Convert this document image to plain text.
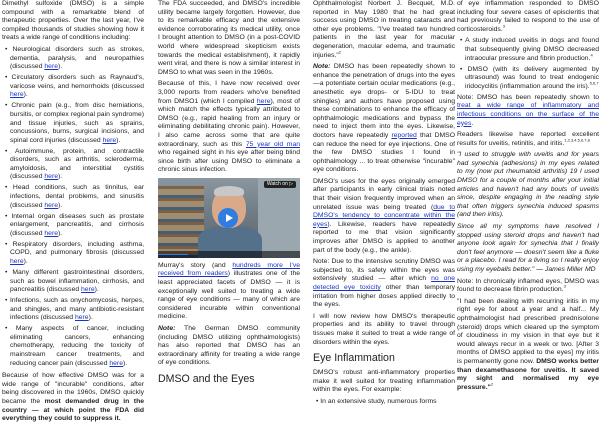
Dimethyl sulfoxide (DMSO) is a simple compound with a remarkable blend of therapeutic properties. Over the last year, I've compiled thousands of studies showing how it treats a wide range of conditions including:

• Neurological disorders such as strokes, dementia, paralysis, and neuropathies (discussed here).
• Circulatory disorders such as Raynaud's, varicose veins, and hemorrhoids (discussed here).
• Chronic pain (e.g., from disc herniations, bursitis, or complex regional pain syndrome) and tissue injuries, such as sprains, concussions, burns, surgical incisions, and spinal cord injuries (discussed here).
• Autoimmune, protein, and contractile disorders, such as arthritis, scleroderma, amyloidosis, and interstitial cystitis (discussed here).
• Head conditions, such as tinnitus, ear infections, dental problems, and sinusitis (discussed here).
• Internal organ diseases such as prostate enlargement, pancreatitis, and cirrhosis (discussed here).
• Respiratory disorders, including asthma, COPD, and pulmonary fibrosis (discussed here).
• Many different gastrointestinal disorders, such as bowel inflammation, cirrhosis, and pancreatitis (discussed here).
• Infections, such as onychomycosis, herpes, and shingles, and many antibiotic-resistant infections (discussed here).
• Many aspects of cancer, including eliminating cancers, enhancing chemotherapy, reducing the toxicity of mainstream cancer treatments, and reducing cancer pain (discussed here).

Because of how effective DMSO was for a wide range of "incurable" conditions, after being discovered in the 1960s, DMSO quickly became the most demanded drug in the country — at which point the FDA did everything they could to suppress it.

The FDA succeeded, and DMSO's incredible utility became largely forgotten. However, due to its remarkable efficacy and the extensive evidence corroborating its medical utility, once I brought attention to DMSO (in a post-COVID world where widespread skepticism exists towards the medical establishment), it rapidly went viral, and there is now a similar interest in DMSO to what was seen in the 1960s.

Because of this, I have now received over 3,000 reports from readers who've benefited from DMSO1 (which I compiled here), most of which match the effects typically attributed to DMSO (e.g., rapid healing from an injury or eliminating debilitating chronic pain). However, I also came across some that are quite extraordinary, such as this 75 year old man who regained sight in his eye after being blind since birth after using DMSO to eliminate a chronic sinus infection.

Watch on ▷

Murray's story (and hundreds more I've received from readers) illustrates one of the least appreciated facets of DMSO — it is exceptionally well suited to treating a wide range of eye conditions — many of which are considered incurable within conventional medicine.

Note: The German DMSO community (including DMSO utilizing ophthalmologists) has also reported that DMSO has an extraordinary affinity for treating a wide range of eye conditions.

DMSO and the Eyes

Ophthalmologist Norbert J. Becquet, M.D. reported in May 1980 that he had great success using DMSO in treating cataracts and other eye problems. "I've treated two hundred patients in the last year for macular degeneration, macular edema, and traumatic injuries."$^2$

Note: DMSO has been repeatedly shown to enhance the penetration of drugs into the eyes—a potentiate certain ocular medications (e.g., anesthetic eye drops- or 5-IDU to treat shingles) and authors have proposed using these combinations to enhance the efficacy of ophthalmologic medications and bypass the need to inject them into the eyes. Likewise, doctors have repeatedly reported that DMSO can reduce the need for eye injections. One of the few DMSO studies I found in ophthalmology ... to treat otherwise "incurable" eye conditions.

DMSO's uses for the eyes originally emerged after participants in early clinical trials noted that their vision frequently improved when an unrelated issue was being treated (due to DMSO's tendency to concentrate within the eyes). Likewise, readers have repeatedly reported to me that vision significantly improves after DMSO is applied to another part of the body (e.g., the ankle).

Note: Due to the intensive scrutiny DMSO was subjected to, its safety within the eyes was extensively studied — after which no one detected eye toxicity other than temporary irritation from higher doses applied directly to the eyes.

I will now review how DMSO's therapeutic properties and its ability to travel through tissues make it suited to treat a wide range of disorders within the eyes.

Eye Inflammation

DMSO's robust anti-inflammatory properties make it well suited for treating inflammation within the eyes. For example:

• In an extensive study, numerous forms

of eye inflammation responded to DMSO including four severe cases of episcleritis that had previously failed to respond to the use of corticosteroids.$^3$

• A study induced uveitis in dogs and found that subsequently giving DMSO decreased intraocular pressure and fibrin production.$^4$
• DMSO (with its delivery augmented by ultrasound) was found to treat endogenic iridocyclitis (inflammation around the iris).$^{5,6,7}$

Note: DMSO has been repeatedly shown to treat a wide range of inflammatory and infectious conditions on the surface of the eyes.

Readers likewise have reported excellent results for uveitis, retinitis, and iritis.$^{1,2,3,4,5,6,7,8}$

"I used to struggle with uveitis and for years had synechia (adhesions) in my eyes related to my (now put rheumatoid arthritis) 19 I used DMSO for a couple of months after your initial articles and haven't had any bouts of uveitis since, despite engaging in the reading style that often triggers synechia induced spasms (and then iritis).

Since all my symptoms have resolved I stopped using steroid drops and haven't had anyone look again for synechia that I finally don't feel anymore — doesn't seem like a fluke or a placebo. I read for a living so I really enjoy using my eyeballs better." — James Miller MD

Note: In chronically inflamed eyes, DMSO was found to decrease fibrin production.$^3$

"I had been dealing with recurring iritis in my right eye for about a year and a half... My ophthalmologist had prescribed prednisolone (steroid) drops which cleared up the symptom of cloudiness in my vision in that eye but it would always recur in a week or two. [After 3 months of DMSO applied to the eyes] my iritis is permanently gone now. DMSO works better than dexamethasone for uveitis. It saved my sight and normalised my eye pressure."$^2$
